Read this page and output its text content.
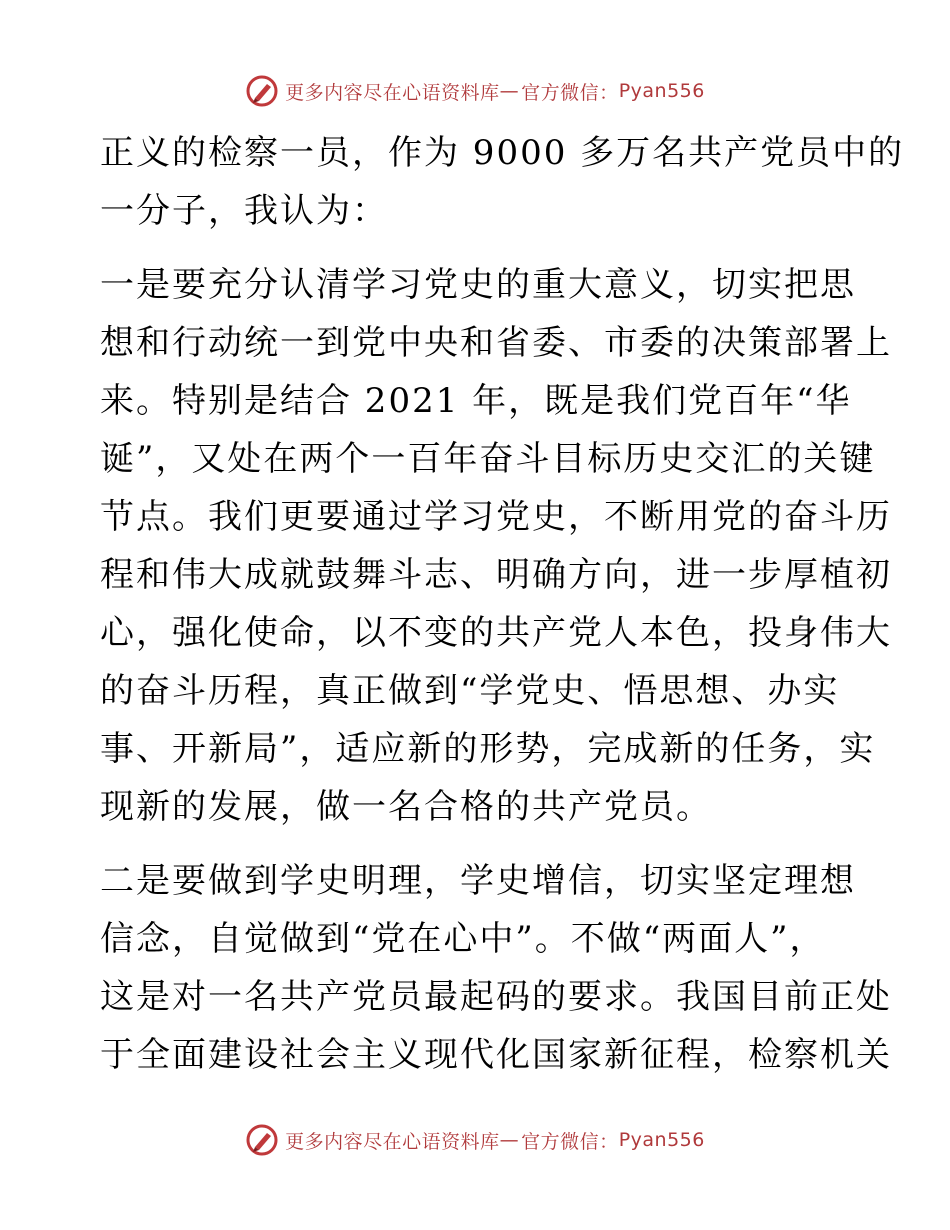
更多内容尽在心语资料库 — 官方微信： Pyan556
正义的检察一员，作为 9000 多万名共产党员中的
一分子，我认为：
一是要充分认清学习党史的重大意义，切实把思
想和行动统一到党中央和省委、市委的决策部署上
来。特别是结合 2021 年，既是我们党百年“华
诞”，又处在两个一百年奋斗目标历史交汇的关键
节点。我们更要通过学习党史，不断用党的奋斗历
程和伟大成就鼓舞斗志、明确方向，进一步厚植初
心，强化使命，以不变的共产党人本色，投身伟大
的奋斗历程，真正做到“学党史、悟思想、办实
事、开新局”，适应新的形势，完成新的任务，实
现新的发展，做一名合格的共产党员。
二是要做到学史明理，学史增信，切实坚定理想
信念，自觉做到“党在心中”。不做“两面人”，
这是对一名共产党员最起码的要求。我国目前正处
于全面建设社会主义现代化国家新征程，检察机关
更多内容尽在心语资料库 — 官方微信： Pyan556
